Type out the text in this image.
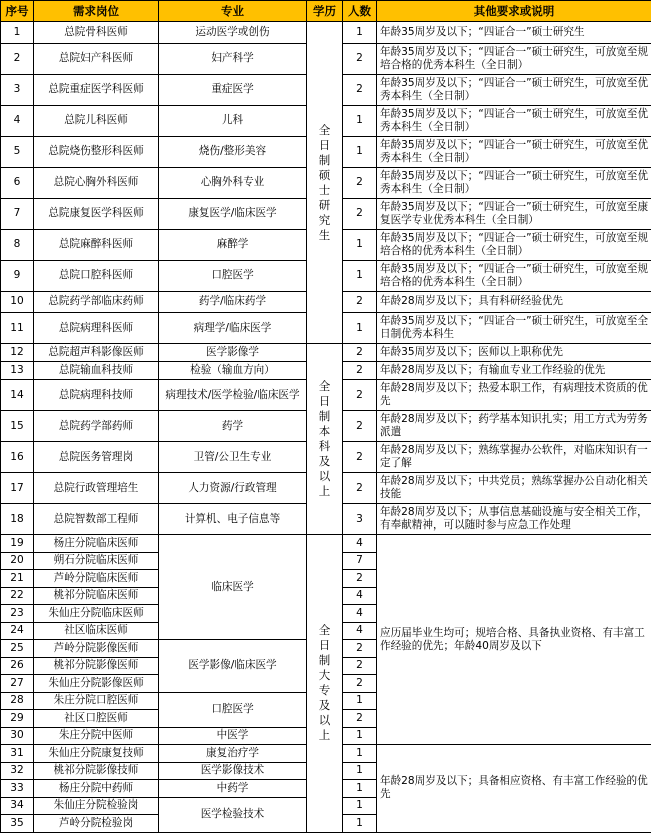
序号	需求岗位	专业	学历	人数	其他要求或说明
1	总院骨科医师	运动医学或创伤	全日制硕士研究生	1	年龄35周岁及以下；“四证合一”硕士研究生
2	总院妇产科医师	妇产科学		2	年龄35周岁及以下；“四证合一”硕士研究生，可放宽至规培合格的优秀本科生（全日制）
3	总院重症医学科医师	重症医学		2	年龄35周岁及以下；“四证合一”硕士研究生，可放宽至优秀本科生（全日制）
4	总院儿科医师	儿科		1	年龄35周岁及以下；“四证合一”硕士研究生，可放宽至优秀本科生（全日制）
5	总院烧伤整形科医师	烧伤/整形美容		1	年龄35周岁及以下；“四证合一”硕士研究生，可放宽至优秀本科生（全日制）
6	总院心胸外科医师	心胸外科专业		2	年龄35周岁及以下；“四证合一”硕士研究生，可放宽至优秀本科生（全日制）
7	总院康复医学科医师	康复医学/临床医学		2	年龄35周岁及以下；“四证合一”硕士研究生，可放宽至康复医学专业优秀本科生（全日制）
8	总院麻醉科医师	麻醉学		1	年龄35周岁及以下；“四证合一”硕士研究生，可放宽至规培合格的优秀本科生（全日制）
9	总院口腔科医师	口腔医学		1	年龄35周岁及以下；“四证合一”硕士研究生，可放宽至规培合格的优秀本科生（全日制）
10	总院药学部临床药师	药学/临床药学		2	年龄28周岁及以下；具有科研经验优先
11	总院病理科医师	病理学/临床医学		1	年龄35周岁及以下；“四证合一”硕士研究生，可放宽至全日制优秀本科生
12	总院超声科影像医师	医学影像学	全日制本科及以上	2	年龄35周岁及以下；医师以上职称优先
13	总院输血科技师	检验（输血方向）		2	年龄28周岁及以下；有输血专业工作经验的优先
14	总院病理科技师	病理技术/医学检验/临床医学		2	年龄28周岁及以下；热爱本职工作，有病理技术资质的优先
15	总院药学部药师	药学		2	年龄28周岁及以下；药学基本知识扎实；用工方式为劳务派遣
16	总院医务管理岗	卫管/公卫生专业		2	年龄28周岁及以下；熟练掌握办公软件，对临床知识有一定了解
17	总院行政管理培生	人力资源/行政管理		2	年龄28周岁及以下；中共党员；熟练掌握办公自动化相关技能
18	总院智数部工程师	计算机、电子信息等		3	年龄28周岁及以下；从事信息基础设施与安全相关工作，有奉献精神，可以随时参与应急工作处理
19	杨庄分院临床医师	临床医学	全日制大专及以上	4	应历届毕业生均可；规培合格、具备执业资格、有丰富工作经验的优先；年龄40周岁及以下
20	朔石分院临床医师			7	
21	芦岭分院临床医师			2	
22	桃祁分院临床医师			4	
23	朱仙庄分院临床医师			4	
24	社区临床医师			4	
25	芦岭分院影像医师	医学影像/临床医学		2	
26	桃祁分院影像医师			2	
27	朱仙庄分院影像医师			2	
28	朱庄分院口腔医师	口腔医学		1	
29	社区口腔医师			2	
30	朱庄分院中医师	中医学		1	
31	朱仙庄分院康复技师	康复治疗学		1	年龄28周岁及以下；具备相应资格、有丰富工作经验的优先
32	桃祁分院影像技师	医学影像技术		1	
33	杨庄分院中药师	中药学		1	
34	朱仙庄分院检验岗	医学检验技术		1	
35	芦岭分院检验岗			1	
